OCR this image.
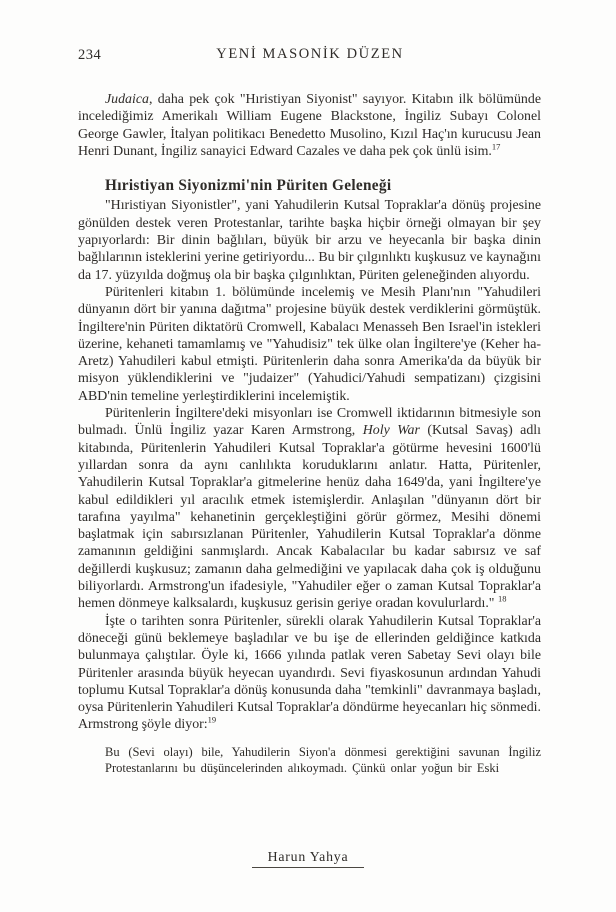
234	YENİ MASONİK DÜZEN

Judaica, daha pek çok "Hıristiyan Siyonist" sayıyor. Kitabın ilk bölümünde incelediğimiz Amerikalı William Eugene Blackstone, İngiliz Subayı Colonel George Gawler, İtalyan politikacı Benedetto Musolino, Kızıl Haç'ın kurucusu Jean Henri Dunant, İngiliz sanayici Edward Cazales ve daha pek çok ünlü isim.$^{17}$

Hıristiyan Siyonizmi'nin Püriten Geleneği

"Hıristiyan Siyonistler", yani Yahudilerin Kutsal Topraklar'a dönüş projesine gönülden destek veren Protestanlar, tarihte başka hiçbir örneği olmayan bir şey yapıyorlardı: Bir dinin bağlıları, büyük bir arzu ve heyecanla bir başka dinin bağlılarının isteklerini yerine getiriyordu... Bu bir çılgınlıktı kuşkusuz ve kaynağını da 17. yüzyılda doğmuş ola bir başka çılgınlıktan, Püriten geleneğinden alıyordu.

Püritenleri kitabın 1. bölümünde incelemiş ve Mesih Planı'nın "Yahudileri dünyanın dört bir yanına dağıtma" projesine büyük destek verdiklerini görmüştük. İngiltere'nin Püriten diktatörü Cromwell, Kabalacı Menasseh Ben Israel'in istekleri üzerine, kehaneti tamamlamış ve "Yahudisiz" tek ülke olan İngiltere'ye (Keher ha-Aretz) Yahudileri kabul etmişti. Püritenlerin daha sonra Amerika'da da büyük bir misyon yüklendiklerini ve "judaizer" (Yahudici/Yahudi sempatizanı) çizgisini ABD'nin temeline yerleştirdiklerini incelemiştik.

Püritenlerin İngiltere'deki misyonları ise Cromwell iktidarının bitmesiyle son bulmadı. Ünlü İngiliz yazar Karen Armstrong, Holy War (Kutsal Savaş) adlı kitabında, Püritenlerin Yahudileri Kutsal Topraklar'a götürme hevesini 1600'lü yıllardan sonra da aynı canlılıkta koruduklarını anlatır. Hatta, Püritenler, Yahudilerin Kutsal Topraklar'a gitmelerine henüz daha 1649'da, yani İngiltere'ye kabul edildikleri yıl aracılık etmek istemişlerdir. Anlaşılan "dünyanın dört bir tarafına yayılma" kehanetinin gerçekleştiğini görür görmez, Mesihi dönemi başlatmak için sabırsızlanan Püritenler, Yahudilerin Kutsal Topraklar'a dönme zamanının geldiğini sanmışlardı. Ancak Kabalacılar bu kadar sabırsız ve saf değillerdi kuşkusuz; zamanın daha gelmediğini ve yapılacak daha çok iş olduğunu biliyorlardı. Armstrong'un ifadesiyle, "Yahudiler eğer o zaman Kutsal Topraklar'a hemen dönmeye kalksalardı, kuşkusuz gerisin geriye oradan kovulurlardı." $^{18}$

İşte o tarihten sonra Püritenler, sürekli olarak Yahudilerin Kutsal Topraklar'a döneceği günü beklemeye başladılar ve bu işe de ellerinden geldiğince katkıda bulunmaya çalıştılar. Öyle ki, 1666 yılında patlak veren Sabetay Sevi olayı bile Püritenler arasında büyük heyecan uyandırdı. Sevi fiyaskosunun ardından Yahudi toplumu Kutsal Topraklar'a dönüş konusunda daha "temkinli" davranmaya başladı, oysa Püritenlerin Yahudileri Kutsal Topraklar'a döndürme heyecanları hiç sönmedi. Armstrong şöyle diyor:$^{19}$

Bu (Sevi olayı) bile, Yahudilerin Siyon'a dönmesi gerektiğini savunan İngiliz Protestanlarını bu düşüncelerinden alıkoymadı. Çünkü onlar yoğun bir Eski
Harun Yahya
